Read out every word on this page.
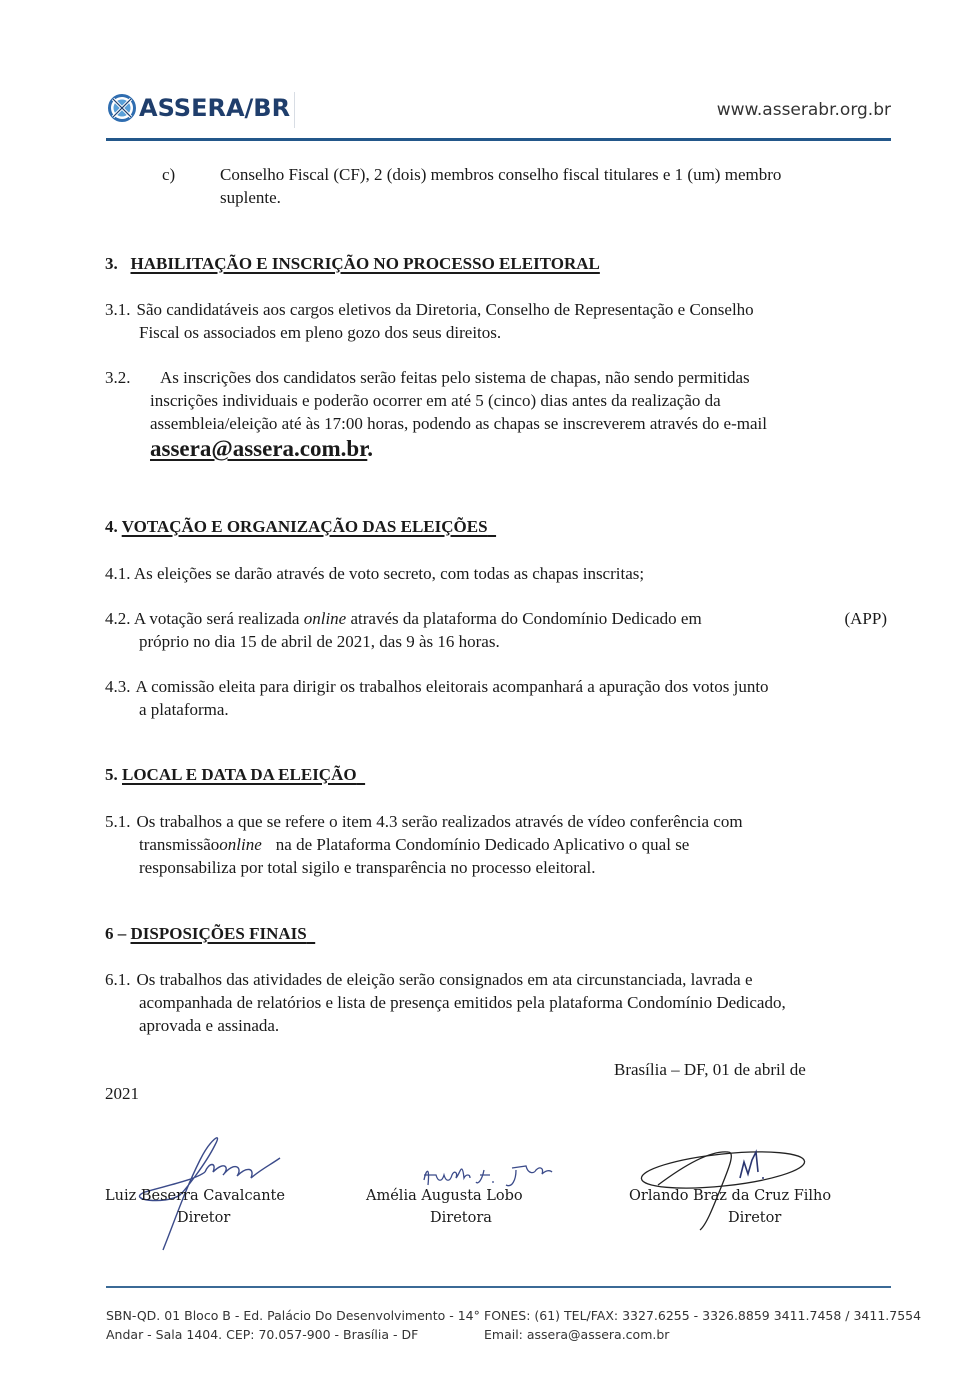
ASSERA/BR	www.asserabr.org.br
c)	Conselho Fiscal (CF), 2 (dois) membros conselho fiscal titulares e 1 (um) membro
suplente.
3. HABILITAÇÃO E INSCRIÇÃO NO PROCESSO ELEITORAL
3.1. São candidatáveis aos cargos eletivos da Diretoria, Conselho de Representação e Conselho
Fiscal os associados em pleno gozo dos seus direitos.
3.2.	As inscrições dos candidatos serão feitas pelo sistema de chapas, não sendo permitidas
inscrições individuais e poderão ocorrer em até 5 (cinco) dias antes da realização da
assembleia/eleição até às 17:00 horas, podendo as chapas se inscreverem através do e-mail
assera@assera.com.br.
4. VOTAÇÃO E ORGANIZAÇÃO DAS ELEIÇÕES
4.1. As eleições se darão através de voto secreto, com todas as chapas inscritas;
4.2. A votação será realizada online através da plataforma do Condomínio Dedicado em	(APP)
próprio no dia 15 de abril de 2021, das 9 às 16 horas.
4.3. A comissão eleita para dirigir os trabalhos eleitorais acompanhará a apuração dos votos junto
a plataforma.
5. LOCAL E DATA DA ELEIÇÃO
5.1. Os trabalhos a que se refere o item 4.3 serão realizados através de vídeo conferência com
transmissão online na de Plataforma Condomínio Dedicado Aplicativo o qual se
responsabiliza por total sigilo e transparência no processo eleitoral.
6 – DISPOSIÇÕES FINAIS
6.1. Os trabalhos das atividades de eleição serão consignados em ata circunstanciada, lavrada e
acompanhada de relatórios e lista de presença emitidos pela plataforma Condomínio Dedicado,
aprovada e assinada.
Brasília – DF, 01 de abril de
2021
Luiz Beserra Cavalcante
Diretor
Amélia Augusta Lobo
Diretora
Orlando Braz da Cruz Filho
Diretor
SBN-QD. 01 Bloco B - Ed. Palácio Do Desenvolvimento - 14°
Andar - Sala 1404. CEP: 70.057-900 - Brasília - DF
FONES: (61) TEL/FAX: 3327.6255 - 3326.8859 3411.7458 / 3411.7554
Email: assera@assera.com.br
